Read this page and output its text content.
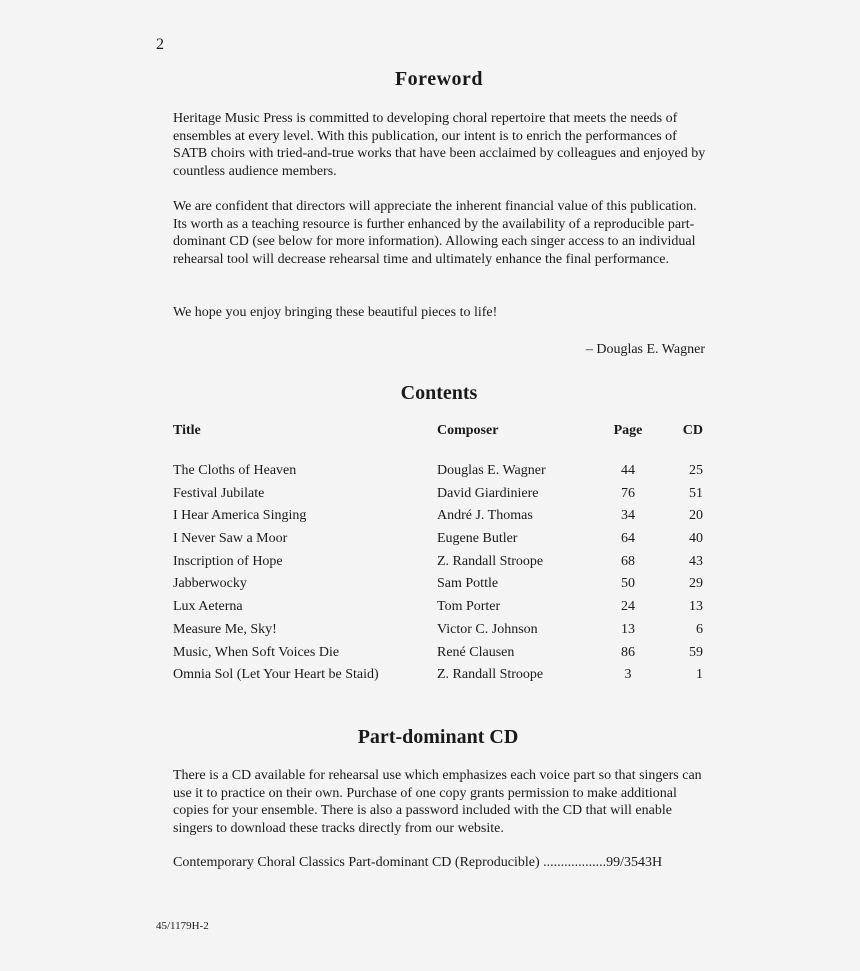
2
Foreword

Heritage Music Press is committed to developing choral repertoire that meets the needs of ensembles at every level. With this publication, our intent is to enrich the performances of SATB choirs with tried-and-true works that have been acclaimed by colleagues and enjoyed by countless audience members.

We are confident that directors will appreciate the inherent financial value of this publication. Its worth as a teaching resource is further enhanced by the availability of a reproducible part-dominant CD (see below for more information). Allowing each singer access to an individual rehearsal tool will decrease rehearsal time and ultimately enhance the final performance.

We hope you enjoy bringing these beautiful pieces to life!

– Douglas E. Wagner
Contents
Title	Composer	Page	CD

The Cloths of Heaven	Douglas E. Wagner	44	25
Festival Jubilate	David Giardiniere	76	51
I Hear America Singing	André J. Thomas	34	20
I Never Saw a Moor	Eugene Butler	64	40
Inscription of Hope	Z. Randall Stroope	68	43
Jabberwocky	Sam Pottle	50	29
Lux Aeterna	Tom Porter	24	13
Measure Me, Sky!	Victor C. Johnson	13	6
Music, When Soft Voices Die	René Clausen	86	59
Omnia Sol (Let Your Heart be Staid)	Z. Randall Stroope	3	1
Part-dominant CD

There is a CD available for rehearsal use which emphasizes each voice part so that singers can use it to practice on their own. Purchase of one copy grants permission to make additional copies for your ensemble. There is also a password included with the CD that will enable singers to download these tracks directly from our website.

Contemporary Choral Classics Part-dominant CD (Reproducible) ..................99/3543H
45/1179H-2
